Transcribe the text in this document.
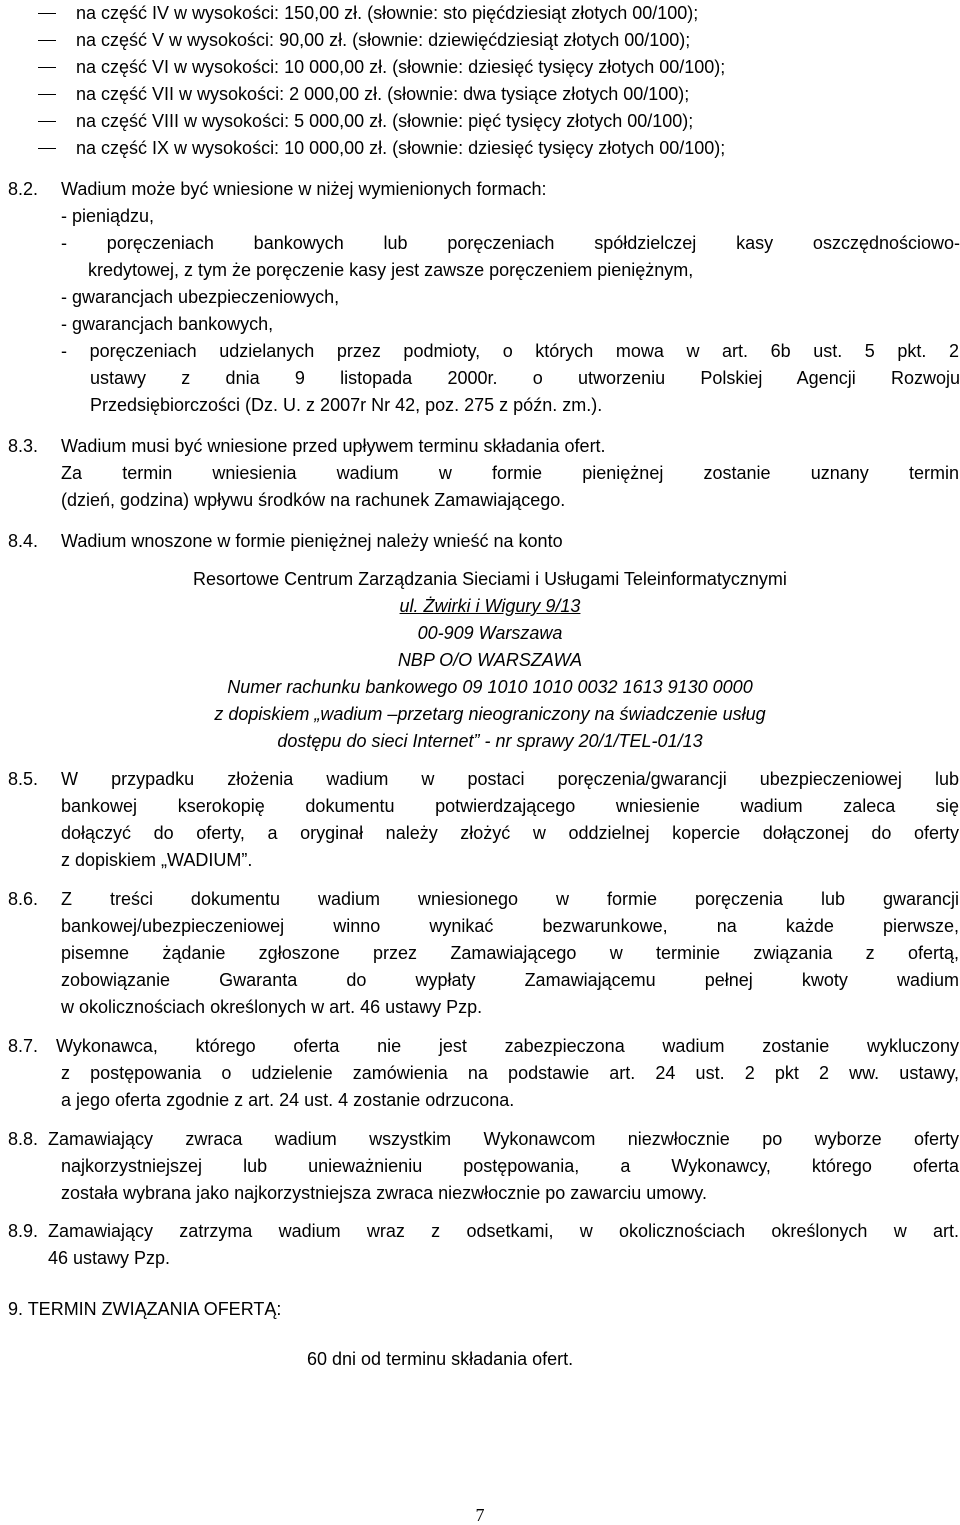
na część IV w wysokości: 150,00 zł. (słownie: sto pięćdziesiąt złotych 00/100);
na część V w wysokości: 90,00 zł. (słownie: dziewięćdziesiąt złotych 00/100);
na część VI w wysokości: 10 000,00 zł. (słownie: dziesięć tysięcy złotych 00/100);
na część VII w wysokości: 2 000,00 zł. (słownie: dwa tysiące złotych 00/100);
na część VIII w wysokości: 5 000,00 zł. (słownie: pięć tysięcy złotych 00/100);
na część IX w wysokości: 10 000,00 zł. (słownie: dziesięć tysięcy złotych 00/100);
8.2. Wadium może być wniesione w niżej wymienionych formach:
- pieniądzu,
- poręczeniach bankowych lub poręczeniach spółdzielczej kasy oszczędnościowo-
kredytowej, z tym że poręczenie kasy jest zawsze poręczeniem pieniężnym,
- gwarancjach ubezpieczeniowych,
- gwarancjach bankowych,
- poręczeniach udzielanych przez podmioty, o których mowa w art. 6b ust. 5 pkt. 2
ustawy z dnia 9 listopada 2000r. o utworzeniu Polskiej Agencji Rozwoju
Przedsiębiorczości (Dz. U. z 2007r Nr 42, poz. 275 z późn. zm.).
8.3. Wadium musi być wniesione przed upływem terminu składania ofert.
Za termin wniesienia wadium w formie pieniężnej zostanie uznany termin
(dzień, godzina) wpływu środków na rachunek Zamawiającego.
8.4. Wadium wnoszone w formie pieniężnej należy wnieść na konto
Resortowe Centrum Zarządzania Sieciami i Usługami Teleinformatycznymi
ul. Żwirki i Wigury 9/13
00-909 Warszawa
NBP O/O WARSZAWA
Numer rachunku bankowego 09 1010 1010 0032 1613 9130 0000
z dopiskiem „wadium –przetarg nieograniczony na świadczenie usług
dostępu do sieci Internet” - nr sprawy 20/1/TEL-01/13
8.5. W przypadku złożenia wadium w postaci poręczenia/gwarancji ubezpieczeniowej lub
bankowej kserokopię dokumentu potwierdzającego wniesienie wadium zaleca się
dołączyć do oferty, a oryginał należy złożyć w oddzielnej kopercie dołączonej do oferty
z dopiskiem „WADIUM”.
8.6. Z treści dokumentu wadium wniesionego w formie poręczenia lub gwarancji
bankowej/ubezpieczeniowej winno wynikać bezwarunkowe, na każde pierwsze,
pisemne żądanie zgłoszone przez Zamawiającego w terminie związania z ofertą,
zobowiązanie Gwaranta do wypłaty Zamawiającemu pełnej kwoty wadium
w okolicznościach określonych w art. 46 ustawy Pzp.
8.7. Wykonawca, którego oferta nie jest zabezpieczona wadium zostanie wykluczony
z postępowania o udzielenie zamówienia na podstawie art. 24 ust. 2 pkt 2 ww. ustawy,
a jego oferta zgodnie z art. 24 ust. 4 zostanie odrzucona.
8.8. Zamawiający zwraca wadium wszystkim Wykonawcom niezwłocznie po wyborze oferty
najkorzystniejszej lub unieważnieniu postępowania, a Wykonawcy, którego oferta
została wybrana jako najkorzystniejsza zwraca niezwłocznie po zawarciu umowy.
8.9. Zamawiający zatrzyma wadium wraz z odsetkami, w okolicznościach określonych w art.
46 ustawy Pzp.
9. TERMIN ZWIĄZANIA OFERTĄ:
60 dni od terminu składania ofert.
7
